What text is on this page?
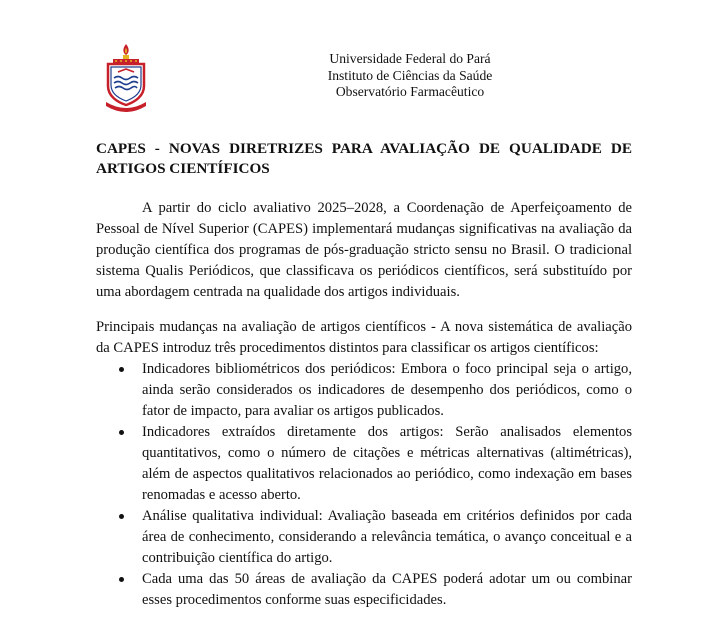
Universidade Federal do Pará
Instituto de Ciências da Saúde
Observatório Farmacêutico
CAPES - NOVAS DIRETRIZES PARA AVALIAÇÃO DE QUALIDADE DE
ARTIGOS CIENTÍFICOS

A partir do ciclo avaliativo 2025–2028, a Coordenação de Aperfeiçoamento de Pessoal de Nível Superior (CAPES) implementará mudanças significativas na avaliação da produção científica dos programas de pós-graduação stricto sensu no Brasil. O tradicional sistema Qualis Periódicos, que classificava os periódicos científicos, será substituído por uma abordagem centrada na qualidade dos artigos individuais.

Principais mudanças na avaliação de artigos científicos - A nova sistemática de avaliação da CAPES introduz três procedimentos distintos para classificar os artigos científicos:

Indicadores bibliométricos dos periódicos: Embora o foco principal seja o artigo, ainda serão considerados os indicadores de desempenho dos periódicos, como o fator de impacto, para avaliar os artigos publicados.
Indicadores extraídos diretamente dos artigos: Serão analisados elementos quantitativos, como o número de citações e métricas alternativas (altimétricas), além de aspectos qualitativos relacionados ao periódico, como indexação em bases renomadas e acesso aberto.
Análise qualitativa individual: Avaliação baseada em critérios definidos por cada área de conhecimento, considerando a relevância temática, o avanço conceitual e a contribuição científica do artigo.
Cada uma das 50 áreas de avaliação da CAPES poderá adotar um ou combinar esses procedimentos conforme suas especificidades.
